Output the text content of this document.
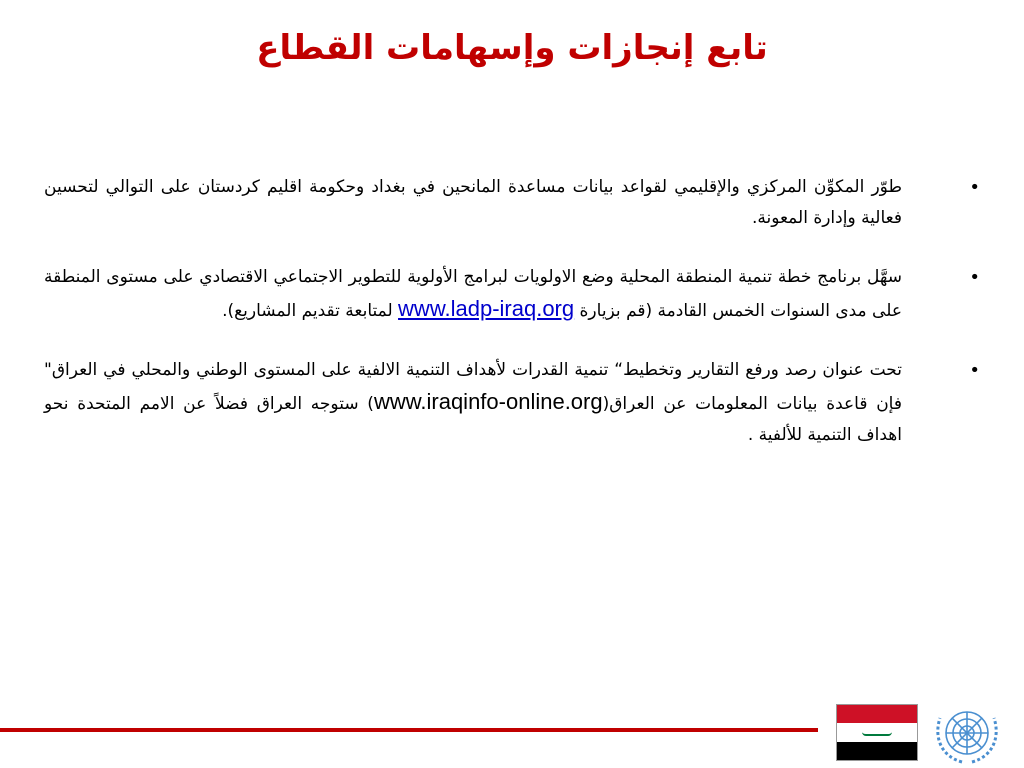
تابع إنجازات وإسهامات القطاع
•
طوّر المكوِّن المركزي والإقليمي لقواعد بيانات مساعدة المانحين في بغداد وحكومة اقليم كردستان على التوالي لتحسين فعالية وإدارة المعونة.
•
سهَّل برنامج خطة تنمية المنطقة المحلية وضع الاولويات لبرامج الأولوية للتطوير الاجتماعي الاقتصادي على مستوى المنطقة على مدى السنوات الخمس القادمة (قم بزيارة www.ladp-iraq.org لمتابعة تقديم المشاريع).
•
تحت عنوان رصد ورفع التقارير وتخطيط“ تنمية القدرات لأهداف التنمية الالفية على المستوى الوطني والمحلي في العراق" فإن قاعدة بيانات المعلومات عن العراق(www.iraqinfo-online.org) ستوجه العراق فضلاً عن الامم المتحدة نحو اهداف التنمية للألفية .
